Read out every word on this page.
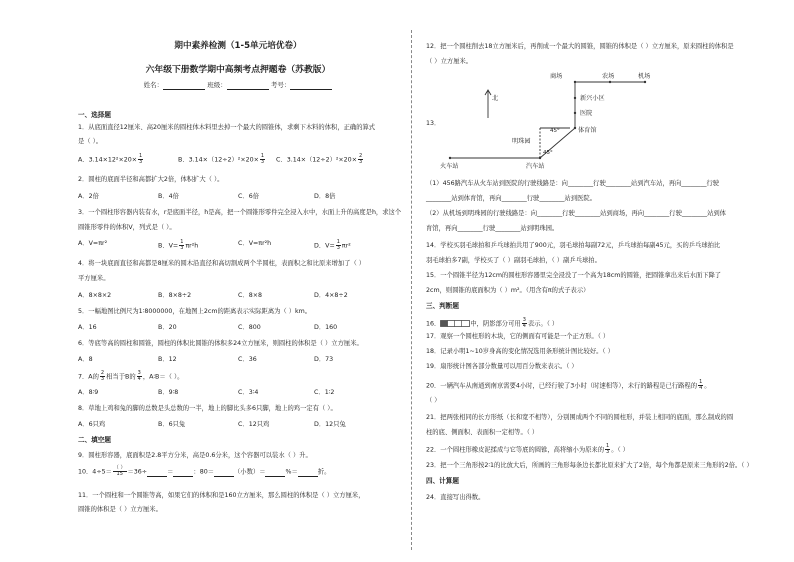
期中素养检测（1-5单元培优卷）
六年级下册数学期中高频考点押题卷（苏教版）
姓名：	班级：	考号：
一、选择题
1．从底面直径12厘米、高20厘米的圆柱体木料里去掉一个最大的圆锥体，求剩下木料的体积，正确的算式
是（ ）。
A．$3.14\times 12^2\times 20\times \frac{1}{3}$	B．$3.14\times(12\div 2)^2\times 20\times \frac{1}{3}$ C．$3.14\times(12\div 2)^2\times 20\times \frac{2}{3}$
2．圆柱的底面半径和高都扩大2倍，体积扩大（ ）。
A．2倍	B．4倍	C．6倍	D．8倍
3．一个圆柱形容器内装有水，r是底面半径，h是高，把一个圆锥形零件完全浸入水中，水面上升的高度是h，求这个
圆锥形零件的体积V，列式是（ ）。
A．V=πr²	B．$V= \frac{1}{3} \pi r^2h$	C．V=πr²h	D．$V= \frac{1}{3} \pi r^2$
4．将一块底面直径和高都是8厘米的圆木沿直径和高切割成两个半圆柱，表面积之和比原来增加了（ ）
平方厘米。
A．8×8×2	B．8×8÷2	C．8×8	D．4×8÷2
5．一幅地图比例尺为1∶8000000，在地图上2cm的距离表示实际距离为（ ）km。
A．16	B．20	C．800	D．160
6．等底等高的圆柱和圆锥，圆柱的体积比圆锥的体积多24立方厘米，则圆柱的体积是（ ）立方厘米。
A．8	B．12	C．36	D．73
7．A的 $\frac{2}{3}$ 相当于B的 $\frac{3}{4}$ ，A∶B＝（ ）。
A．8∶9	B．9∶8	C．3∶4	C．1∶2
8．草地上鸡和兔的脚的总数是头总数的一半，地上的脚比头多6只脚，地上的鸡一定有（ ）。
A．6只鸡	B．6只兔	C．12只鸡	D．12只兔
二、填空题
9．圆柱形容器，底面积是2.8平方分米，高是0.6分米，这个容器可以装水（ ）升。
10．$4\div 5= \frac{( )}{15} =36\div$	＝	：80＝	（小数）＝	%＝	折。
11．一个圆柱和一个圆锥等高，如果它们的体积和是160立方厘米，那么圆柱的体积是（ ）立方厘米，
圆锥的体积是（ ）立方厘米。
12．把一个圆柱削去18立方厘米后，再削成一个最大的圆锥，圆锥的体积是（ ）立方厘米，原来圆柱的体积是
（ ）立方厘米。
13．
商场	农场	机场
新兴小区
医院
体育馆
明珠园
汽车站
火车站
北
45°
45°
（1）456路汽车从火车站到医院的行驶线路是：向________行驶________站到汽车站，再向________行驶
________站到体育馆，再向________行驶________站到医院。
（2）从机场到明珠园的行驶线路是：向________行驶________站到商场，再向________行驶________站到体
育馆，再向________行驶________站到明珠园。
14．学校买羽毛球拍和乒乓球拍共用了900元，羽毛球拍每副72元，乒乓球拍每副45元，买的乒乓球拍比
羽毛球拍多7副，学校买了（ ）副羽毛球拍，（ ）副乒乓球拍。
15．一个圆锥半径为12cm的圆柱形容器里完全浸没了一个高为18cm的圆锥，把圆锥拿出来后水面下降了
2cm，则圆锥的底面积为（ ）m²。（用含有π的式子表示）
三、判断题
16．	中，阴影部分可用 $\frac{3}{4}$ 表示。（ ）
17．观察一个圆柱形的木块，它的侧面有可能是一个正方形。（ ）
18．记录小明1~10岁身高的变化情况选用条形统计图比较好。（ ）
19．扇形统计图各部分数量可以用百分数来表示。（ ）
20．一辆汽车从南通到南京需要4小时，已经行驶了3小时（时速相等），未行的路程是已行路程的 $\frac{1}{4}$ 。
（ ）
21．把两张相同的长方形纸（长和宽不相等），分别围成两个不同的圆柱形，并装上相同的底面，那么制成的圆
柱的底、侧面积、表面积一定相等。（ ）
22．一个圆柱形橡皮泥揉成与它等底的圆锥，高将缩小为原来的 $\frac{1}{3}$ 。（ ）
23．把一个三角形按2∶1的比放大后，所画的三角形每条边长都比原来扩大了2倍，每个角都是原来三角形的2倍。（ ）
四、计算题
24．直接写出得数。
